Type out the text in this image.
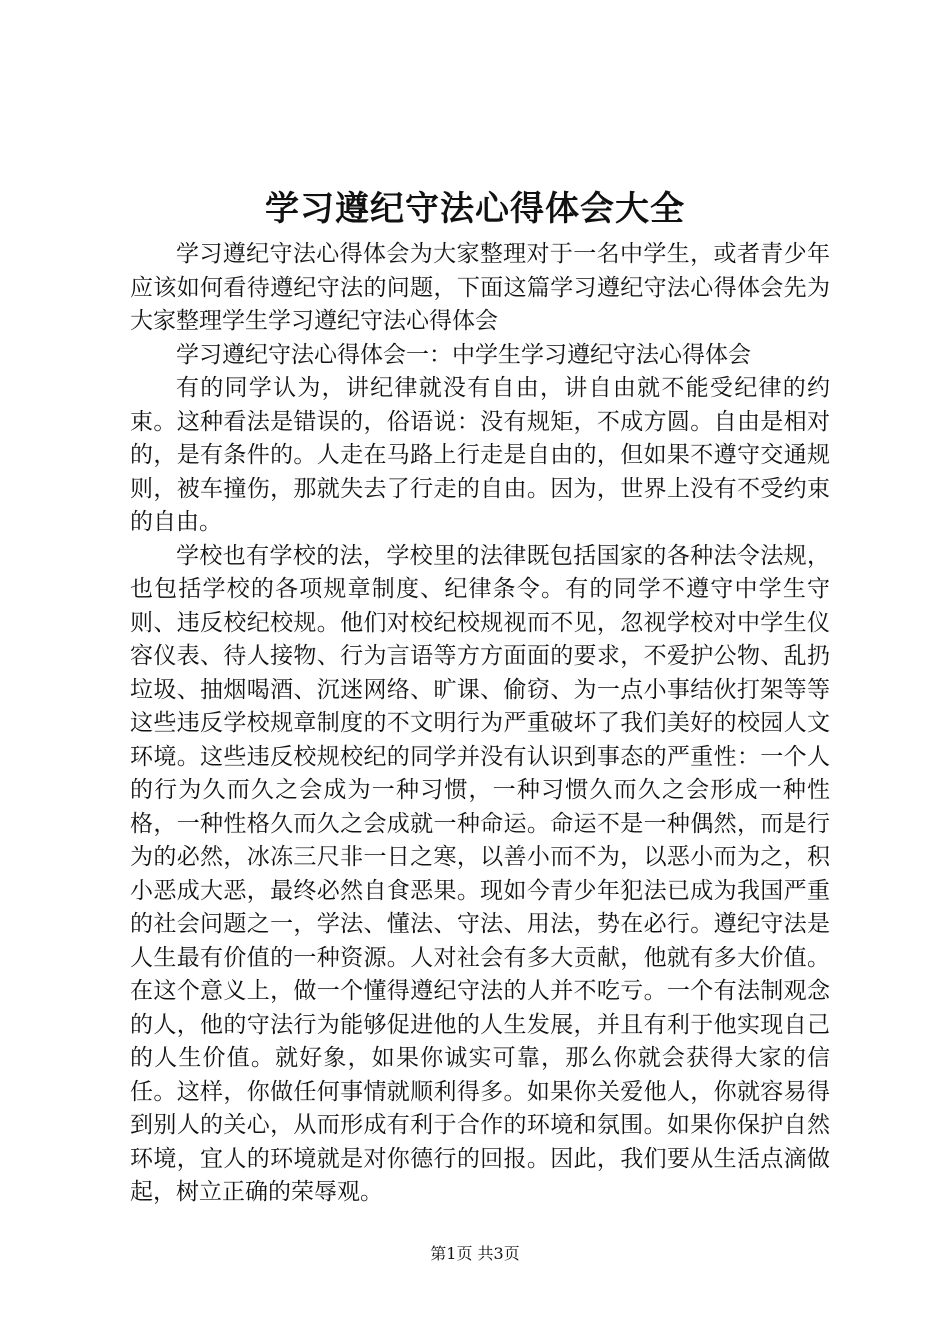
学习遵纪守法心得体会大全

学习遵纪守法心得体会为大家整理对于一名中学生，或者青少年应该如何看待遵纪守法的问题，下面这篇学习遵纪守法心得体会先为大家整理学生学习遵纪守法心得体会

学习遵纪守法心得体会一：中学生学习遵纪守法心得体会

有的同学认为，讲纪律就没有自由，讲自由就不能受纪律的约束。这种看法是错误的，俗语说：没有规矩，不成方圆。自由是相对的，是有条件的。人走在马路上行走是自由的，但如果不遵守交通规则，被车撞伤，那就失去了行走的自由。因为，世界上没有不受约束的自由。

学校也有学校的法，学校里的法律既包括国家的各种法令法规，也包括学校的各项规章制度、纪律条令。有的同学不遵守中学生守则、违反校纪校规。他们对校纪校规视而不见，忽视学校对中学生仪容仪表、待人接物、行为言语等方方面面的要求，不爱护公物、乱扔垃圾、抽烟喝酒、沉迷网络、旷课、偷窃、为一点小事结伙打架等等这些违反学校规章制度的不文明行为严重破坏了我们美好的校园人文环境。这些违反校规校纪的同学并没有认识到事态的严重性：一个人的行为久而久之会成为一种习惯，一种习惯久而久之会形成一种性格，一种性格久而久之会成就一种命运。命运不是一种偶然，而是行为的必然，冰冻三尺非一日之寒，以善小而不为，以恶小而为之，积小恶成大恶，最终必然自食恶果。现如今青少年犯法已成为我国严重的社会问题之一，学法、懂法、守法、用法，势在必行。遵纪守法是人生最有价值的一种资源。人对社会有多大贡献，他就有多大价值。在这个意义上，做一个懂得遵纪守法的人并不吃亏。一个有法制观念的人，他的守法行为能够促进他的人生发展，并且有利于他实现自己的人生价值。就好象，如果你诚实可靠，那么你就会获得大家的信任。这样，你做任何事情就顺利得多。如果你关爱他人，你就容易得到别人的关心，从而形成有利于合作的环境和氛围。如果你保护自然环境，宜人的环境就是对你德行的回报。因此，我们要从生活点滴做起，树立正确的荣辱观。

第1页 共3页
